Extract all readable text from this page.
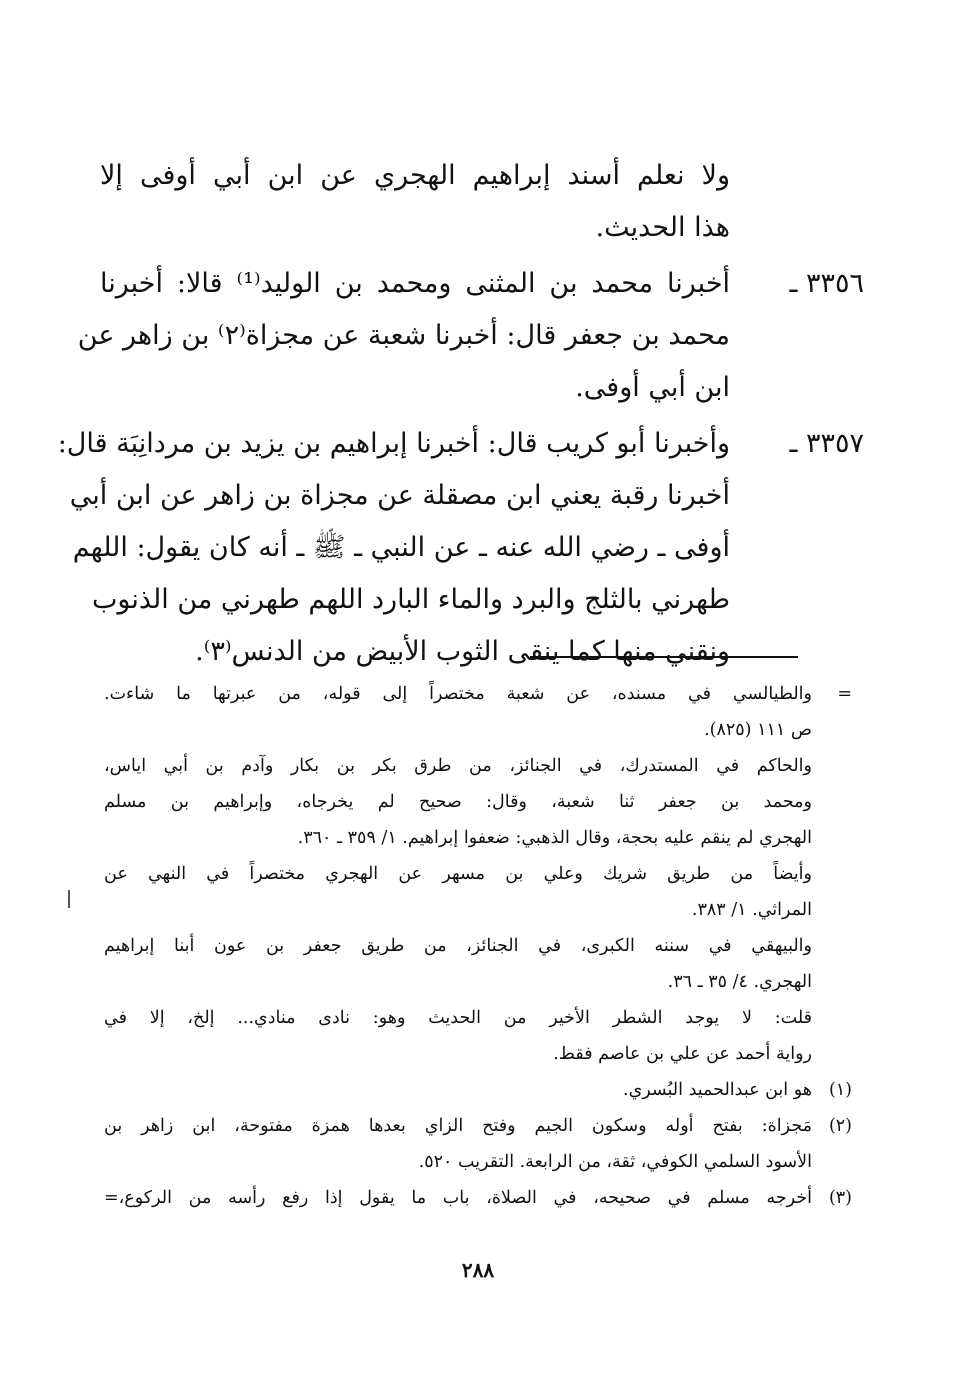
ولا نعلم أسند إبراهيم الهجري عن ابن أبي أوفى إلا
هذا الحديث.
٣٣٥٦ ـ
أخبرنا محمد بن المثنى ومحمد بن الوليد⁽¹⁾ قالا: أخبرنا
محمد بن جعفر قال: أخبرنا شعبة عن مجزاة⁽٢⁾ بن زاهر عن
ابن أبي أوفى.
٣٣٥٧ ـ
وأخبرنا أبو كريب قال: أخبرنا إبراهيم بن يزيد بن مردانِبَة قال:
أخبرنا رقبة يعني ابن مصقلة عن مجزاة بن زاهر عن ابن أبي
أوفى ـ رضي الله عنه ـ عن النبي ـ ﷺ ـ أنه كان يقول: اللهم
طهرني بالثلج والبرد والماء البارد اللهم طهرني من الذنوب
ونقني منها كما ينقى الثوب الأبيض من الدنس⁽٣⁾.
=
والطيالسي في مسنده، عن شعبة مختصراً إلى قوله، من عبرتها ما شاءت.
ص ١١١ (٨٢٥).
والحاكم في المستدرك، في الجنائز، من طرق بكر بن بكار وآدم بن أبي اياس،
ومحمد بن جعفر ثنا شعبة، وقال: صحيح لم يخرجاه، وإبراهيم بن مسلم
الهجري لم ينقم عليه بحجة، وقال الذهبي: ضعفوا إبراهيم. ١/ ٣٥٩ ـ ٣٦٠.
وأيضاً من طريق شريك وعلي بن مسهر عن الهجري مختصراً في النهي عن
المراثي. ١/ ٣٨٣.
والبيهقي في سننه الكبرى، في الجنائز، من طريق جعفر بن عون أبنا إبراهيم
الهجري. ٤/ ٣٥ ـ ٣٦.
قلت: لا يوجد الشطر الأخير من الحديث وهو: نادى منادي... إلخ، إلا في
رواية أحمد عن علي بن عاصم فقط.
(١)
هو ابن عبدالحميد البُسري.
(٢)
مَجزاة: بفتح أوله وسكون الجيم وفتح الزاي بعدها همزة مفتوحة، ابن زاهر بن
الأسود السلمي الكوفي، ثقة، من الرابعة. التقريب ٥٢٠.
(٣)
أخرجه مسلم في صحيحه، في الصلاة، باب ما يقول إذا رفع رأسه من الركوع،=
٢٨٨
